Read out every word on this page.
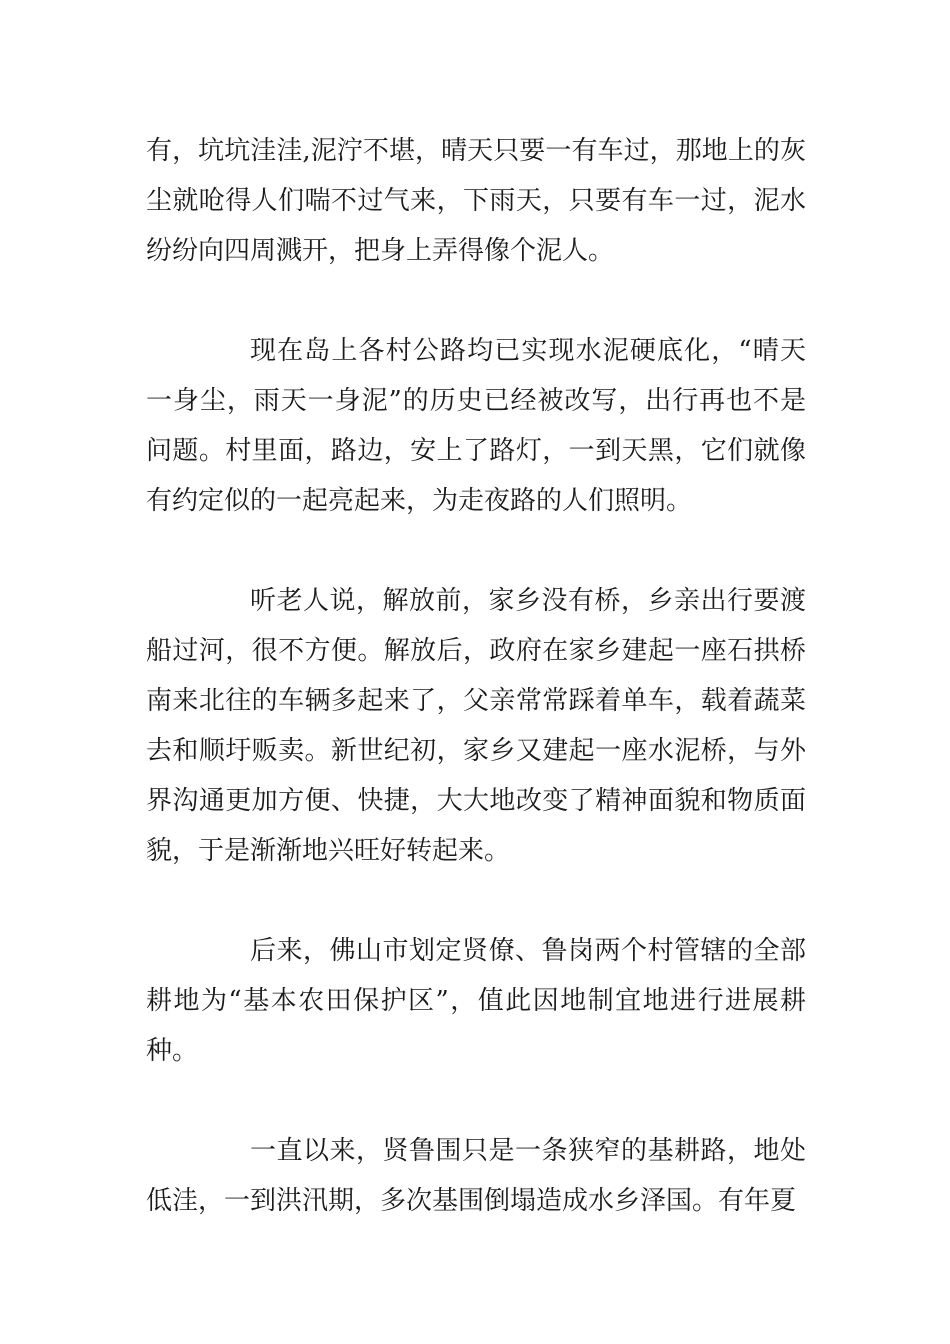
有，坑坑洼洼,泥泞不堪，晴天只要一有车过，那地上的灰尘就呛得人们喘不过气来，下雨天，只要有车一过，泥水纷纷向四周溅开，把身上弄得像个泥人。

现在岛上各村公路均已实现水泥硬底化，“晴天一身尘，雨天一身泥”的历史已经被改写，出行再也不是问题。村里面，路边，安上了路灯，一到天黑，它们就像有约定似的一起亮起来，为走夜路的人们照明。

听老人说，解放前，家乡没有桥，乡亲出行要渡船过河，很不方便。解放后，政府在家乡建起一座石拱桥南来北往的车辆多起来了，父亲常常踩着单车，载着蔬菜去和顺圩贩卖。新世纪初，家乡又建起一座水泥桥，与外界沟通更加方便、快捷，大大地改变了精神面貌和物质面貌，于是渐渐地兴旺好转起来。

后来，佛山市划定贤僚、鲁岗两个村管辖的全部耕地为“基本农田保护区”，值此因地制宜地进行进展耕种。

一直以来，贤鲁围只是一条狭窄的基耕路，地处低洼，一到洪汛期，多次基围倒塌造成水乡泽国。有年夏
